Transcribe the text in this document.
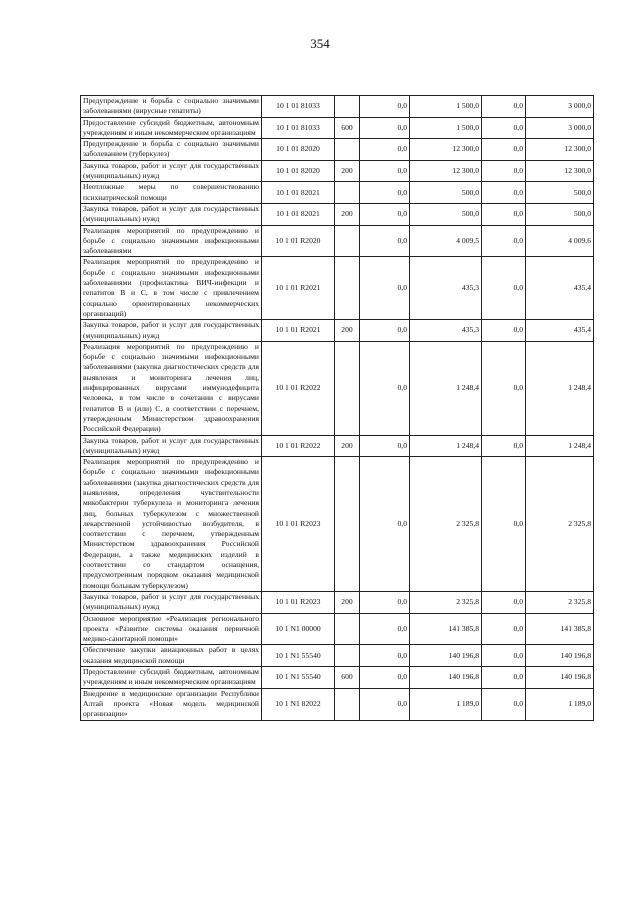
354
Предупреждение и борьба с социально значимыми заболеваниями (вирусные гепатиты)	10 1 01 81033		0,0	1 500,0	0,0	3 000,0
Предоставление субсидий бюджетным, автономным учреждениям и иным некоммерческим организациям	10 1 01 81033	600	0,0	1 500,0	0,0	3 000,0
Предупреждение и борьба с социально значимыми заболеванием (туберкулез)	10 1 01 82020		0,0	12 300,0	0,0	12 300,0
Закупка товаров, работ и услуг для государственных (муниципальных) нужд	10 1 01 82020	200	0,0	12 300,0	0,0	12 300,0
Неотложные меры по совершенствованию психиатрической помощи	10 1 01 82021		0,0	500,0	0,0	500,0
Закупка товаров, работ и услуг для государственных (муниципальных) нужд	10 1 01 82021	200	0,0	500,0	0,0	500,0
Реализация мероприятий по предупреждению и борьбе с социально значимыми инфекционными заболеваниями	10 1 01 R2020		0,0	4 009,5	0,0	4 009,6
Реализация мероприятий по предупреждению и борьбе с социально значимыми инфекционными заболеваниями (профилактика ВИЧ-инфекции и гепатитов В и С, в том числе с привлечением социально ориентированных некоммерческих организаций)	10 1 01 R2021		0,0	435,3	0,0	435,4
Закупка товаров, работ и услуг для государственных (муниципальных) нужд	10 1 01 R2021	200	0,0	435,3	0,0	435,4
Реализация мероприятий по предупреждению и борьбе с социально значимыми инфекционными заболеваниями (закупка диагностических средств для выявления и мониторинга лечения лиц, инфицированных вирусами иммунодефицита человека, в том числе в сочетании с вирусами гепатитов В и (или) С, в соответствии с перечнем, утвержденным Министерством здравоохранения Российской Федерации)	10 1 01 R2022		0,0	1 248,4	0,0	1 248,4
Закупка товаров, работ и услуг для государственных (муниципальных) нужд	10 1 01 R2022	200	0,0	1 248,4	0,0	1 248,4
Реализация мероприятий по предупреждению и борьбе с социально значимыми инфекционными заболеваниями (закупка диагностических средств для выявления, определения чувствительности микобактерии туберкулеза и мониторинга лечения лиц, больных туберкулезом с множественной лекарственной устойчивостью возбудителя, в соответствии с перечнем, утвержденным Министерством здравоохранения Российской Федерации, а также медицинских изделий в соответствии со стандартом оснащения, предусмотренным порядком оказания медицинской помощи больным туберкулезом)	10 1 01 R2023		0,0	2 325,8	0,0	2 325,8
Закупка товаров, работ и услуг для государственных (муниципальных) нужд	10 1 01 R2023	200	0,0	2 325,8	0,0	2 325,8
Основное мероприятие «Реализация регионального проекта «Развитие системы оказания первичной медико-санитарной помощи»	10 1 N1 00000		0,0	141 385,8	0,0	141 385,8
Обеспечение закупки авиационных работ в целях оказания медицинской помощи	10 1 N1 55540		0,0	140 196,8	0,0	140 196,8
Предоставление субсидий бюджетным, автономным учреждениям и иным некоммерческим организациям	10 1 N1 55540	600	0,0	140 196,8	0,0	140 196,8
Внедрение в медицинские организации Республики Алтай проекта «Новая модель медицинской организации»	10 1 N1 82022		0,0	1 189,0	0,0	1 189,0
